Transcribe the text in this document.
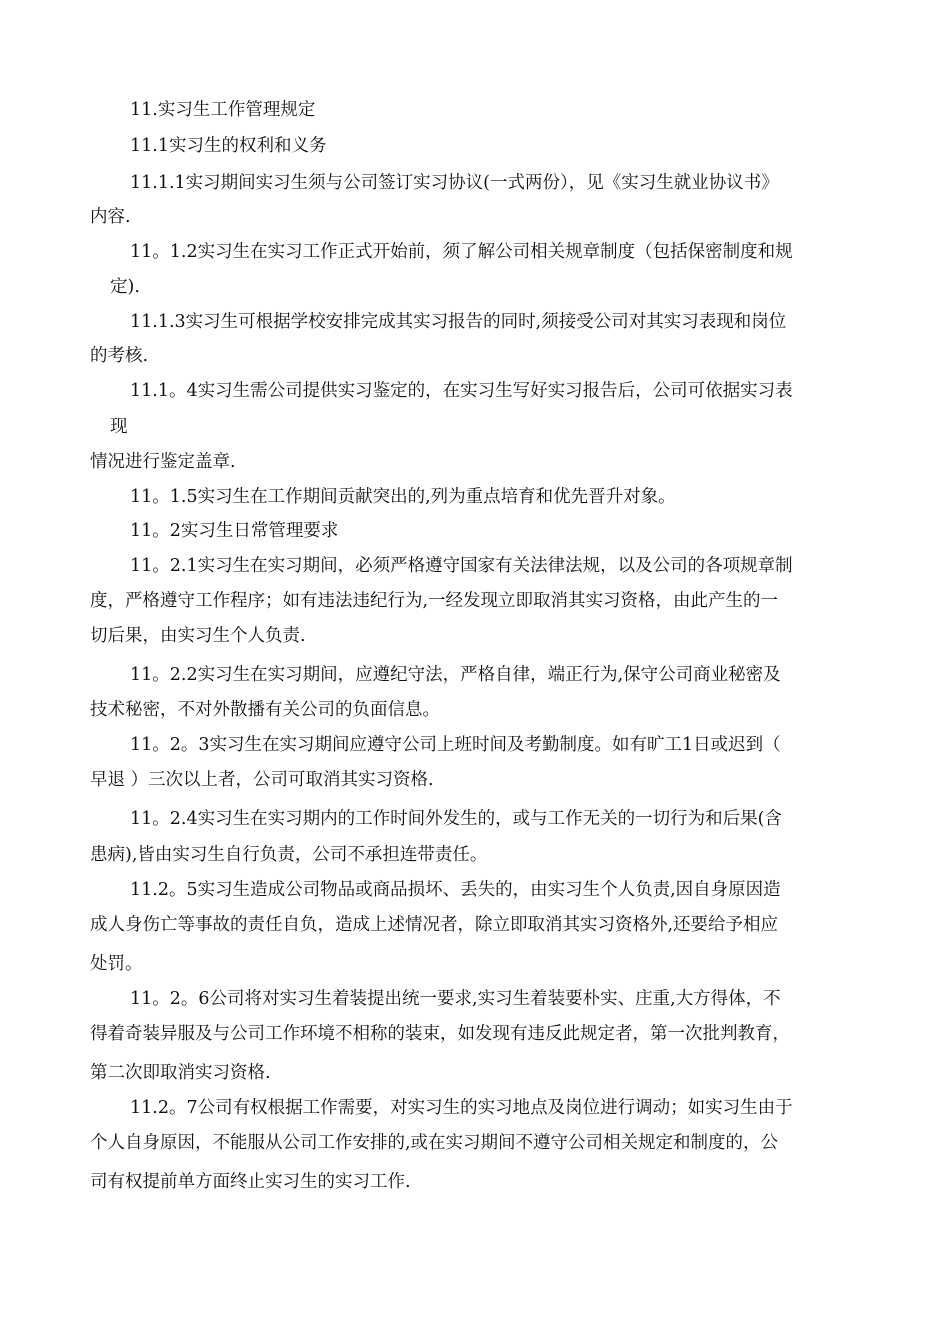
11.实习生工作管理规定
11.1实习生的权利和义务
11.1.1实习期间实习生须与公司签订实习协议(一式两份），见《实习生就业协议书》
内容.
11。1.2实习生在实习工作正式开始前，须了解公司相关规章制度（包括保密制度和规
定).
11.1.3实习生可根据学校安排完成其实习报告的同时,须接受公司对其实习表现和岗位
的考核.
11.1。4实习生需公司提供实习鉴定的，在实习生写好实习报告后，公司可依据实习表
现
情况进行鉴定盖章.
11。1.5实习生在工作期间贡献突出的,列为重点培育和优先晋升对象。
11。2实习生日常管理要求
11。2.1实习生在实习期间，必须严格遵守国家有关法律法规，以及公司的各项规章制
度，严格遵守工作程序；如有违法违纪行为,一经发现立即取消其实习资格，由此产生的一
切后果，由实习生个人负责.
11。2.2实习生在实习期间，应遵纪守法，严格自律，端正行为,保守公司商业秘密及
技术秘密，不对外散播有关公司的负面信息。
11。2。3实习生在实习期间应遵守公司上班时间及考勤制度。如有旷工1日或迟到（
早退 ）三次以上者，公司可取消其实习资格.
11。2.4实习生在实习期内的工作时间外发生的，或与工作无关的一切行为和后果(含
患病),皆由实习生自行负责，公司不承担连带责任。
11.2。5实习生造成公司物品或商品损坏、丢失的，由实习生个人负责,因自身原因造
成人身伤亡等事故的责任自负，造成上述情况者，除立即取消其实习资格外,还要给予相应
处罚。
11。2。6公司将对实习生着装提出统一要求,实习生着装要朴实、庄重,大方得体，不
得着奇装异服及与公司工作环境不相称的装束，如发现有违反此规定者，第一次批判教育，
第二次即取消实习资格.
11.2。7公司有权根据工作需要，对实习生的实习地点及岗位进行调动；如实习生由于
个人自身原因，不能服从公司工作安排的,或在实习期间不遵守公司相关规定和制度的，公
司有权提前单方面终止实习生的实习工作.
